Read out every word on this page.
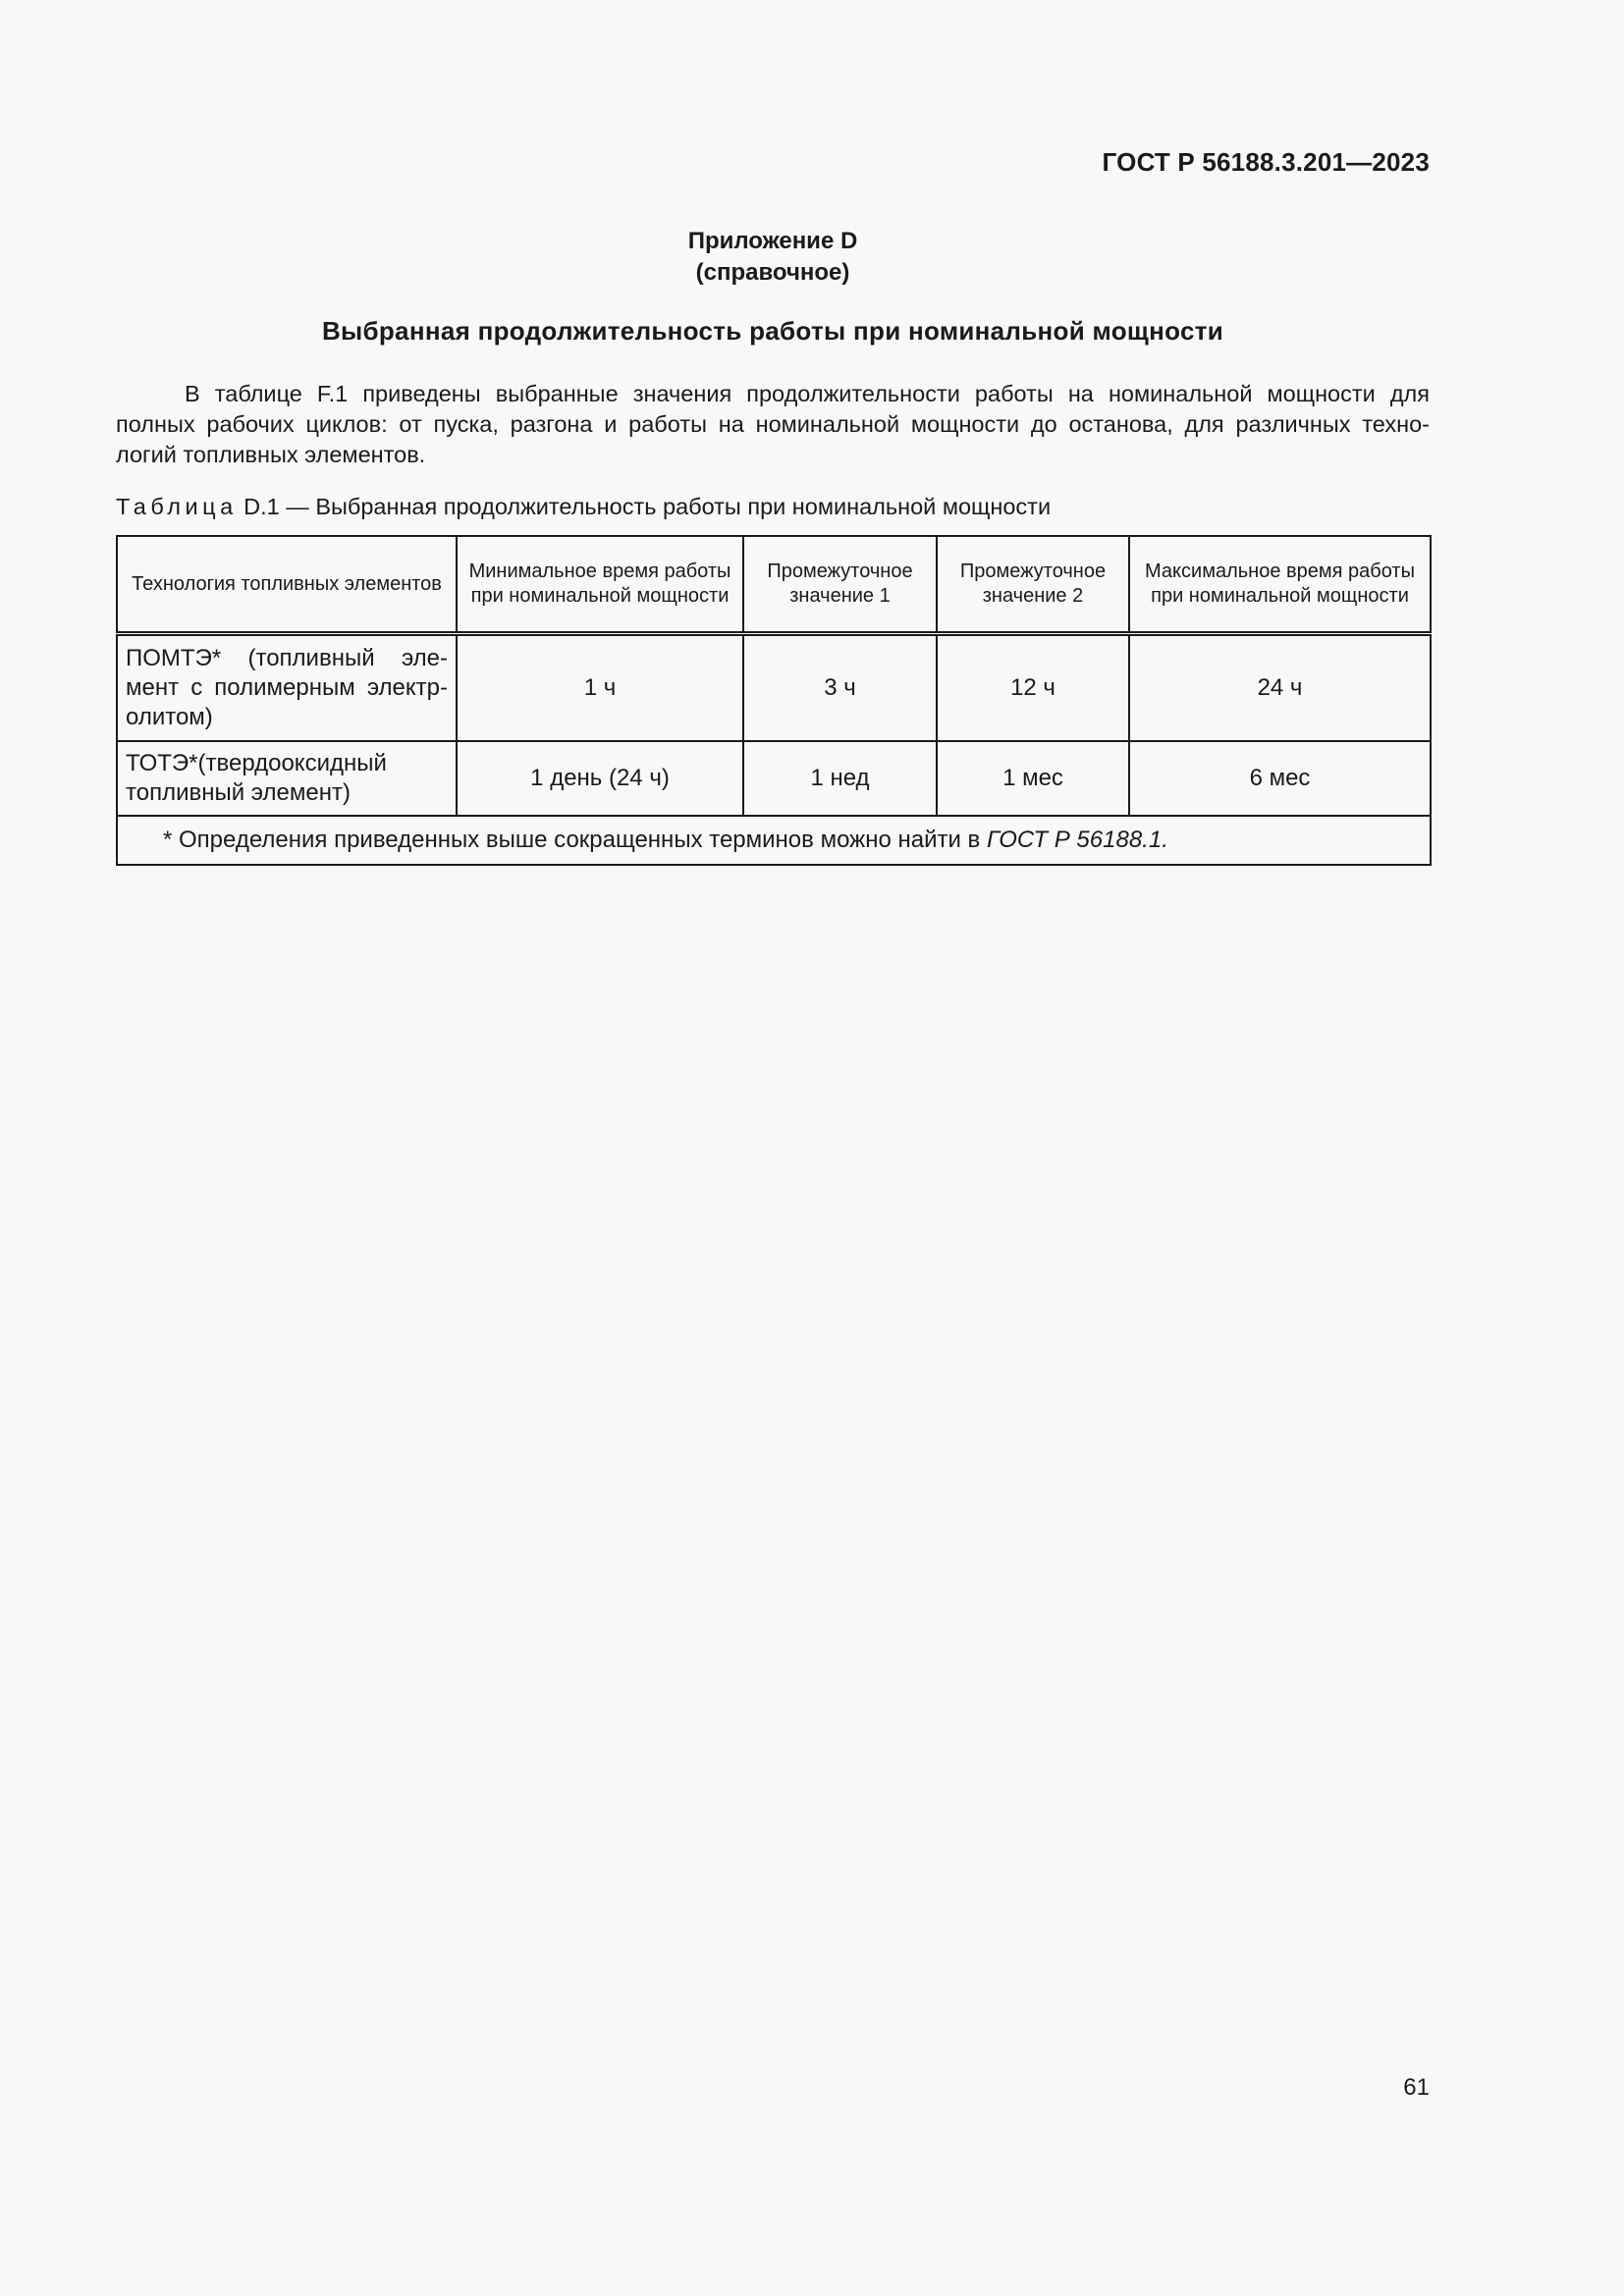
ГОСТ Р 56188.3.201—2023
Приложение D
(справочное)
Выбранная продолжительность работы при номинальной мощности

В таблице F.1 приведены выбранные значения продолжительности работы на номинальной мощности для
полных рабочих циклов: от пуска, разгона и работы на номинальной мощности до останова, для различных техно-
логий топливных элементов.

Таблица D.1 — Выбранная продолжительность работы при номинальной мощности
Технология топливных элементов	Минимальное время работы при номинальной мощности	Промежуточное значение 1	Промежуточное значение 2	Максимальное время работы при номинальной мощности

ПОМТЭ* (топливный эле-
мент с полимерным электр-
олитом)	1 ч	3 ч	12 ч	24 ч

ТОТЭ*(твердооксидный
топливный элемент)	1 день (24 ч)	1 нед	1 мес	6 мес
* Определения приведенных выше сокращенных терминов можно найти в ГОСТ Р 56188.1.				
61
